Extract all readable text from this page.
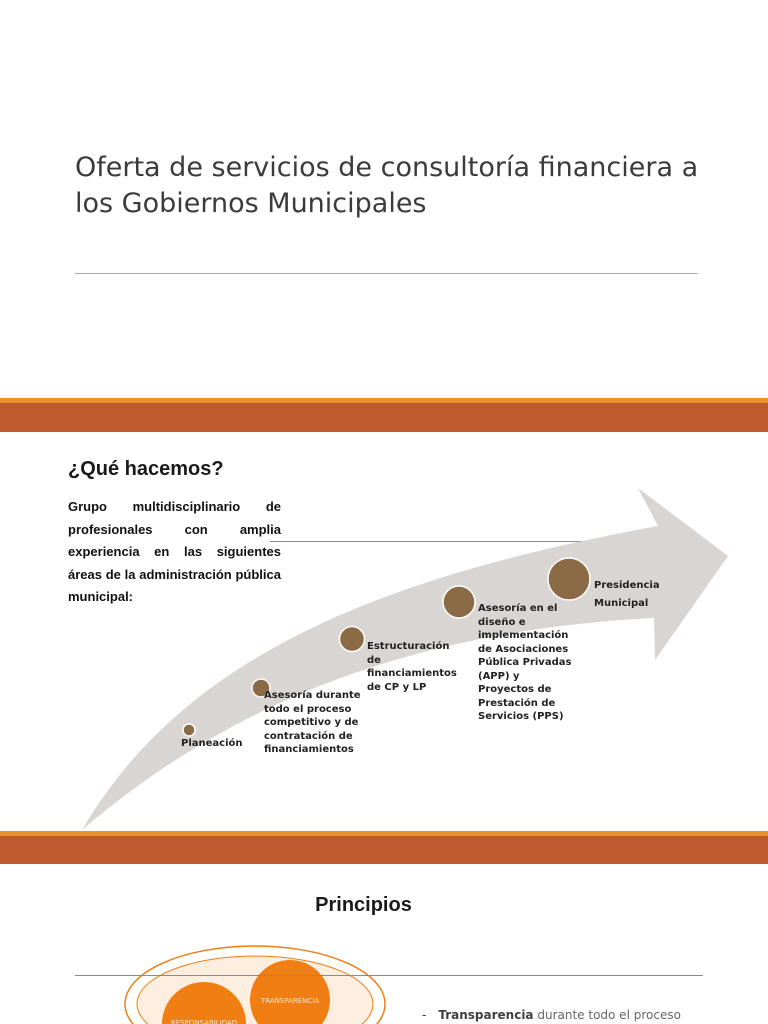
Oferta de servicios de consultoría financiera a los Gobiernos Municipales
¿Qué hacemos?

Grupo multidisciplinario de profesionales con amplia experiencia en las siguientes áreas de la administración pública municipal:

Planeación

Asesoría durante todo el proceso competitivo y de contratación de financiamientos

Estructuración de financiamientos de CP y LP

Asesoría en el diseño e implementación de Asociaciones Pública Privadas (APP) y Proyectos de Prestación de Servicios (PPS)

Presidencia Municipal

Principios
TRANSPARENCIA
RESPONSABILIDAD

- Transparencia durante todo el proceso
